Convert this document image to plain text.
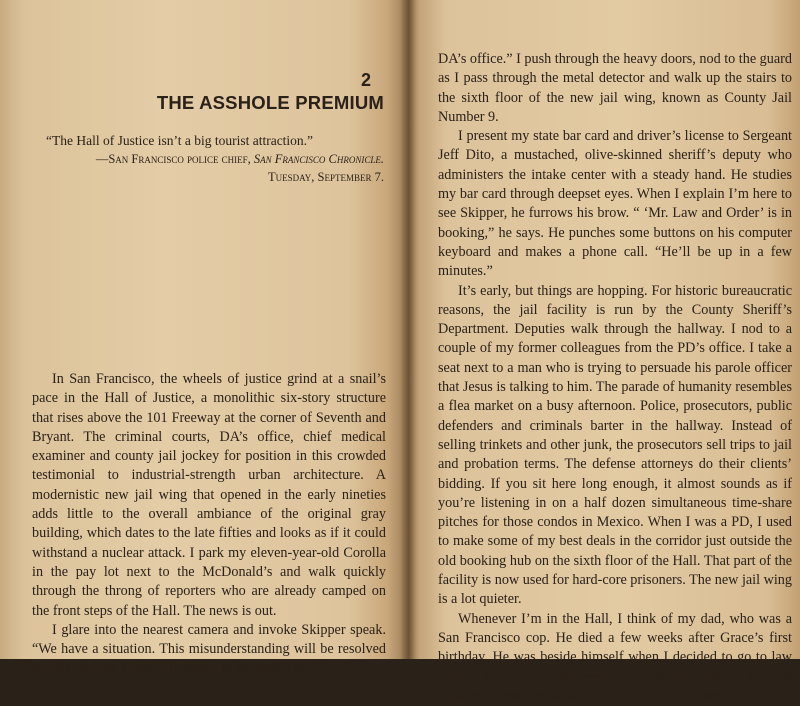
2
THE ASSHOLE PREMIUM

“The Hall of Justice isn’t a big tourist attraction.”

—San Francisco police chief, San Francisco Chronicle.

Tuesday, September 7.

In San Francisco, the wheels of justice grind at a snail’s pace in the Hall of Justice, a monolithic six-story structure that rises above the 101 Freeway at the corner of Seventh and Bryant. The criminal courts, DA’s office, chief medical examiner and county jail jockey for position in this crowded testimonial to industrial-strength urban architecture. A modernistic new jail wing that opened in the early nineties adds little to the overall ambiance of the original gray building, which dates to the late fifties and looks as if it could withstand a nuclear attack. I park my eleven-year-old Corolla in the pay lot next to the McDonald’s and walk quickly through the throng of reporters who are already camped on the front steps of the Hall. The news is out.

I glare into the nearest camera and invoke Skipper speak. “We have a situation. This misunderstanding will be resolved shortly and Mr. Gates will return to his duties at the

DA’s office.” I push through the heavy doors, nod to the guard as I pass through the metal detector and walk up the stairs to the sixth floor of the new jail wing, known as County Jail Number 9.

I present my state bar card and driver’s license to Sergeant Jeff Dito, a mustached, olive-skinned sheriff’s deputy who administers the intake center with a steady hand. He studies my bar card through deepset eyes. When I explain I’m here to see Skipper, he furrows his brow. “ ‘Mr. Law and Order’ is in booking,” he says. He punches some buttons on his computer keyboard and makes a phone call. “He’ll be up in a few minutes.”

It’s early, but things are hopping. For historic bureaucratic reasons, the jail facility is run by the County Sheriff’s Department. Deputies walk through the hallway. I nod to a couple of my former colleagues from the PD’s office. I take a seat next to a man who is trying to persuade his parole officer that Jesus is talking to him. The parade of humanity resembles a flea market on a busy afternoon. Police, prosecutors, public defenders and criminals barter in the hallway. Instead of selling trinkets and other junk, the prosecutors sell trips to jail and probation terms. The defense attorneys do their clients’ bidding. If you sit here long enough, it almost sounds as if you’re listening in on a half dozen simultaneous time-share pitches for those condos in Mexico. When I was a PD, I used to make some of my best deals in the corridor just outside the old booking hub on the sixth floor of the Hall. That part of the facility is now used for hard-core prisoners. The new jail wing is a lot quieter.

Whenever I’m in the Hall, I think of my dad, who was a San Francisco cop. He died a few weeks after Grace’s first birthday. He was beside himself when I decided to go to law school. He detested lawyers—even the prosecutors. He was appalled when I became a PD. He took it as a personal
